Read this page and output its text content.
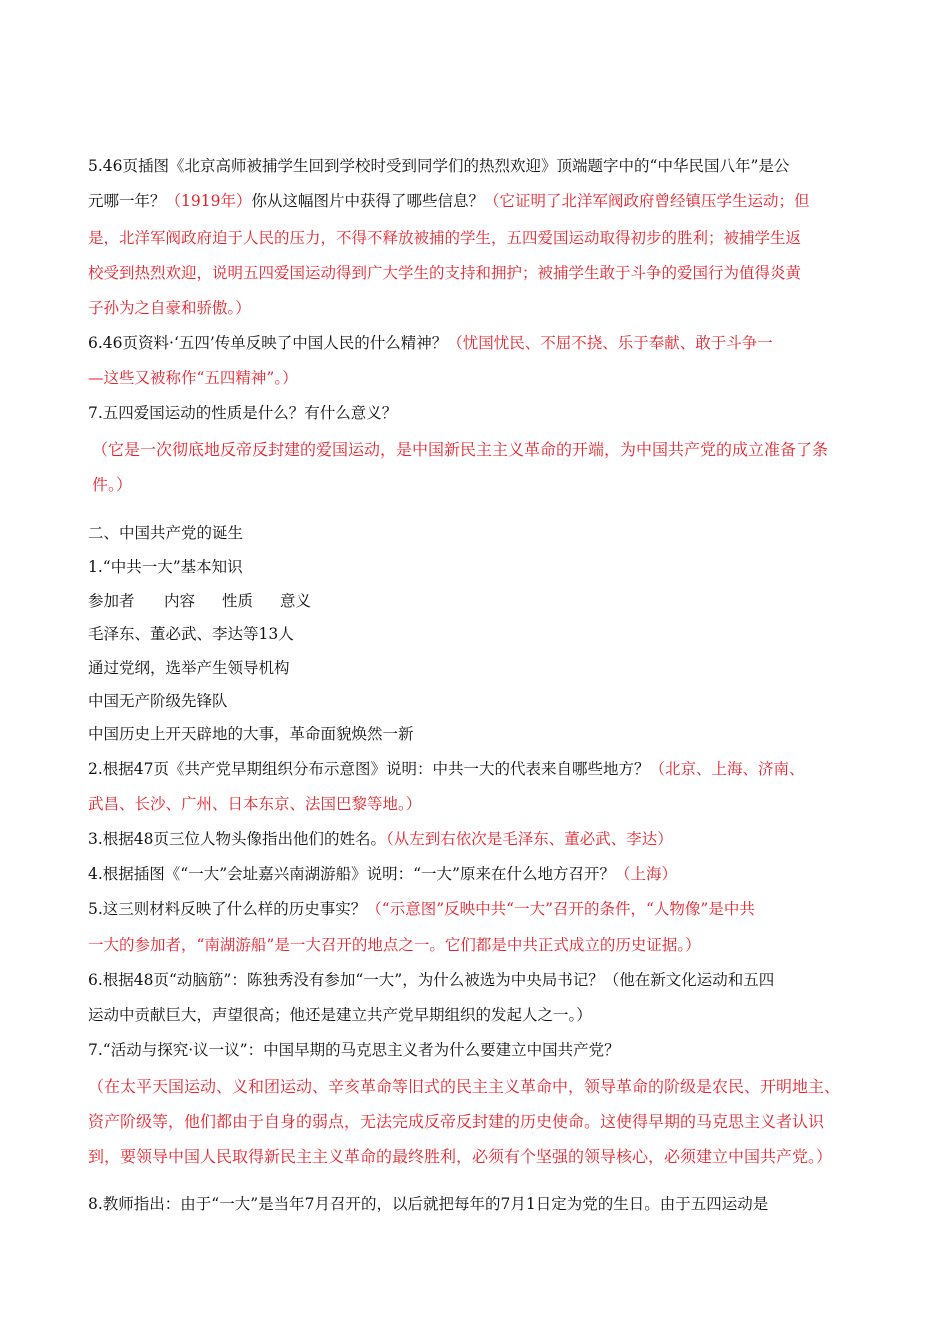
5.46页插图《北京高师被捕学生回到学校时受到同学们的热烈欢迎》顶端题字中的“中华民国八年”是公
元哪一年？（1919年）你从这幅图片中获得了哪些信息？（它证明了北洋军阀政府曾经镇压学生运动；但
是，北洋军阀政府迫于人民的压力，不得不释放被捕的学生，五四爱国运动取得初步的胜利；被捕学生返
校受到热烈欢迎，说明五四爱国运动得到广大学生的支持和拥护；被捕学生敢于斗争的爱国行为值得炎黄
子孙为之自豪和骄傲。）
6.46页资料·‘五四’传单反映了中国人民的什么精神？（忧国忧民、不屈不挠、乐于奉献、敢于斗争一
—这些又被称作“五四精神”。）
7.五四爱国运动的性质是什么？有什么意义？
（它是一次彻底地反帝反封建的爱国运动，是中国新民主主义革命的开端，为中国共产党的成立准备了条
件。）
二、中国共产党的诞生
1.“中共一大”基本知识
参加者 内容 性质 意义
毛泽东、董必武、李达等13人
通过党纲，选举产生领导机构
中国无产阶级先锋队
中国历史上开天辟地的大事，革命面貌焕然一新
2.根据47页《共产党早期组织分布示意图》说明：中共一大的代表来自哪些地方？（北京、上海、济南、
武昌、长沙、广州、日本东京、法国巴黎等地。）
3.根据48页三位人物头像指出他们的姓名。（从左到右依次是毛泽东、董必武、李达）
4.根据插图《“一大”会址嘉兴南湖游船》说明：“一大”原来在什么地方召开？（上海）
5.这三则材料反映了什么样的历史事实？（“示意图”反映中共“一大”召开的条件，“人物像”是中共
一大的参加者，“南湖游船”是一大召开的地点之一。它们都是中共正式成立的历史证据。）
6.根据48页“动脑筋”：陈独秀没有参加“一大”，为什么被选为中央局书记？（他在新文化运动和五四
运动中贡献巨大，声望很高；他还是建立共产党早期组织的发起人之一。）
7.“活动与探究·议一议”：中国早期的马克思主义者为什么要建立中国共产党？
（在太平天国运动、义和团运动、辛亥革命等旧式的民主主义革命中，领导革命的阶级是农民、开明地主、
资产阶级等，他们都由于自身的弱点，无法完成反帝反封建的历史使命。这使得早期的马克思主义者认识
到，要领导中国人民取得新民主主义革命的最终胜利，必须有个坚强的领导核心，必须建立中国共产党。）
8.教师指出：由于“一大”是当年7月召开的，以后就把每年的7月1日定为党的生日。由于五四运动是
